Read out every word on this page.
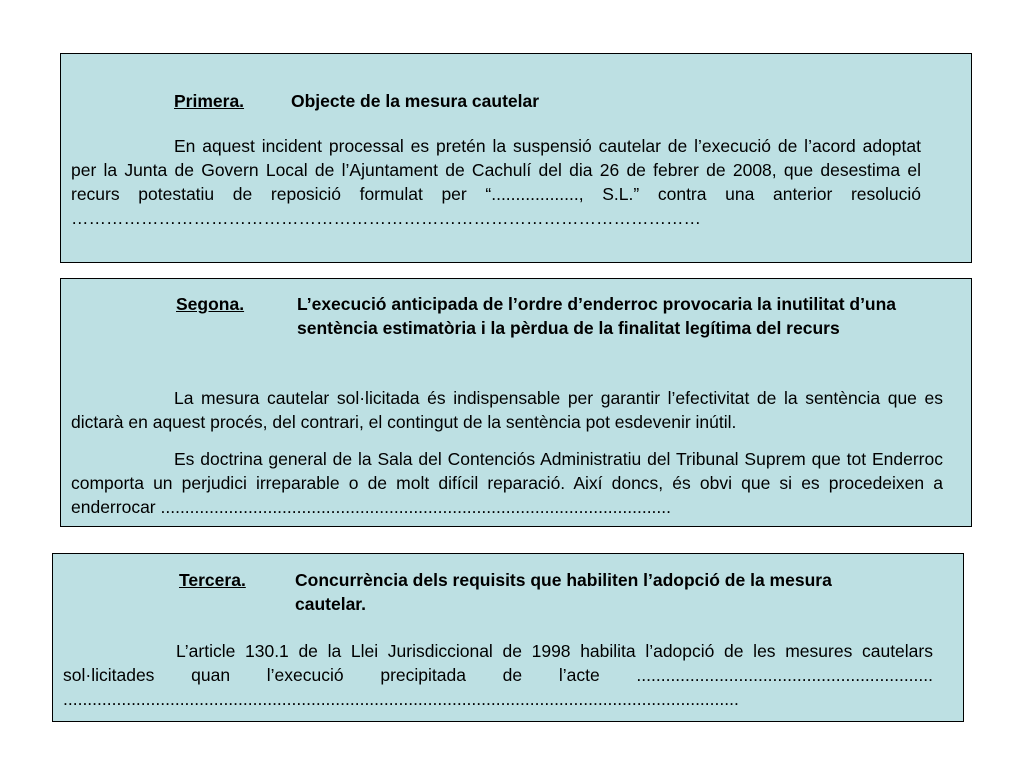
Primera.	Objecte de la mesura cautelar
En aquest incident processal es pretén la suspensió cautelar de l’execució de l’acord adoptat per la Junta de Govern Local de l’Ajuntament de Cachulí del dia 26 de febrer de 2008, que desestima el recurs potestatiu de reposició formulat per “.................., S.L.” contra una anterior resolució ………………………………………………………………………………………………
Segona.	L’execució anticipada de l’ordre d’enderroc provocaria la inutilitat d’una sentència estimatòria i la pèrdua de la finalitat legítima del recurs
La mesura cautelar sol·licitada és indispensable per garantir l’efectivitat de la sentència que es dictarà en aquest procés, del contrari, el contingut de la sentència pot esdevenir inútil.
Es doctrina general de la Sala del Contenciós Administratiu del Tribunal Suprem que tot Enderroc comporta un perjudici irreparable o de molt difícil reparació. Així doncs, és obvi que si es procedeixen a enderrocar .........................................................................................................
Tercera.	Concurrència dels requisits que habiliten l’adopció de la mesura cautelar.
L’article 130.1 de la Llei Jurisdiccional de 1998 habilita l’adopció de les mesures cautelars sol·licitades quan l’execució precipitada de l’acte ............................................................. ...........................................................................................................................................
